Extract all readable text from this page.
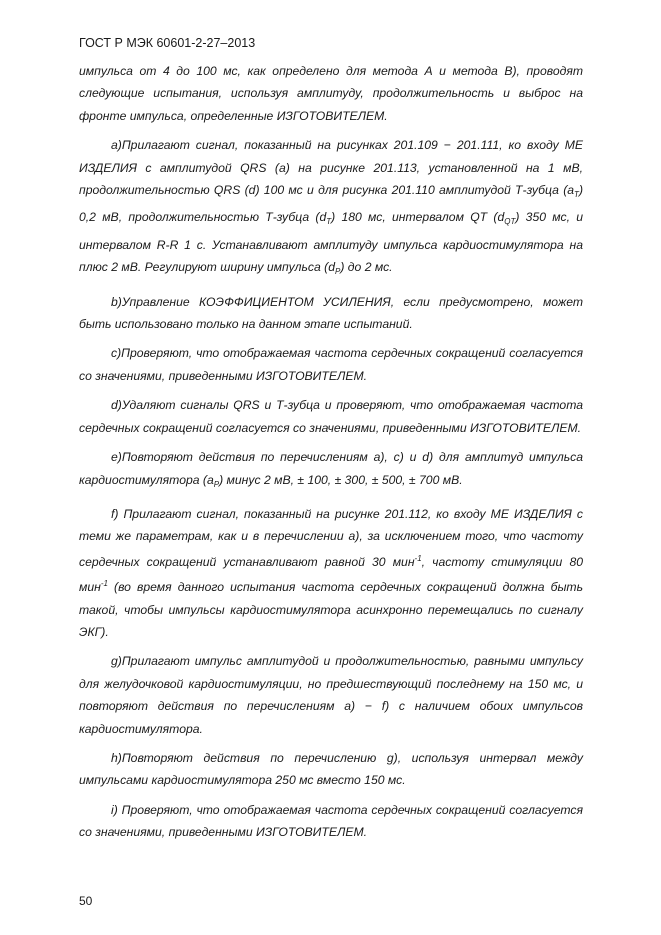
ГОСТ Р МЭК 60601-2-27–2013

импульса от 4 до 100 мс, как определено для метода А и метода В), проводят следующие испытания, используя амплитуду, продолжительность и выброс на фронте импульса, определенные ИЗГОТОВИТЕЛЕМ.

a)Прилагают сигнал, показанный на рисунках 201.109 − 201.111, ко входу МЕ ИЗДЕЛИЯ с амплитудой QRS (а) на рисунке 201.113, установленной на 1 мВ, продолжительностью QRS (d) 100 мс и для рисунка 201.110 амплитудой Т-зубца $(a_T)$ 0,2 мВ, продолжительностью Т-зубца $(d_T)$ 180 мс, интервалом QT $(d_{QT})$ 350 мс, и интервалом R-R 1 с. Устанавливают амплитуду импульса кардиостимулятора на плюс 2 мВ. Регулируют ширину импульса $(d_P)$ до 2 мс.

b)Управление КОЭФФИЦИЕНТОМ УСИЛЕНИЯ, если предусмотрено, может быть использовано только на данном этапе испытаний.

c)Проверяют, что отображаемая частота сердечных сокращений согласуется со значениями, приведенными ИЗГОТОВИТЕЛЕМ.

d)Удаляют сигналы QRS и Т-зубца и проверяют, что отображаемая частота сердечных сокращений согласуется со значениями, приведенными ИЗГОТОВИТЕЛЕМ.

e)Повторяют действия по перечислениям а), с) и d) для амплитуд импульса кардиостимулятора $(a_P)$ минус 2 мВ, ± 100, ± 300, ± 500, ± 700 мВ.

f) Прилагают сигнал, показанный на рисунке 201.112, ко входу МЕ ИЗДЕЛИЯ с теми же параметрам, как и в перечислении а), за исключением того, что частоту сердечных сокращений устанавливают равной 30 мин$^{-1}$, частоту стимуляции 80 мин$^{-1}$ (во время данного испытания частота сердечных сокращений должна быть такой, чтобы импульсы кардиостимулятора асинхронно перемещались по сигналу ЭКГ).

g)Прилагают импульс амплитудой и продолжительностью, равными импульсу для желудочковой кардиостимуляции, но предшествующий последнему на 150 мс, и повторяют действия по перечислениям а) − f) с наличием обоих импульсов кардиостимулятора.

h)Повторяют действия по перечислению g), используя интервал между импульсами кардиостимулятора 250 мс вместо 150 мс.

i) Проверяют, что отображаемая частота сердечных сокращений согласуется со значениями, приведенными ИЗГОТОВИТЕЛЕМ.

50
